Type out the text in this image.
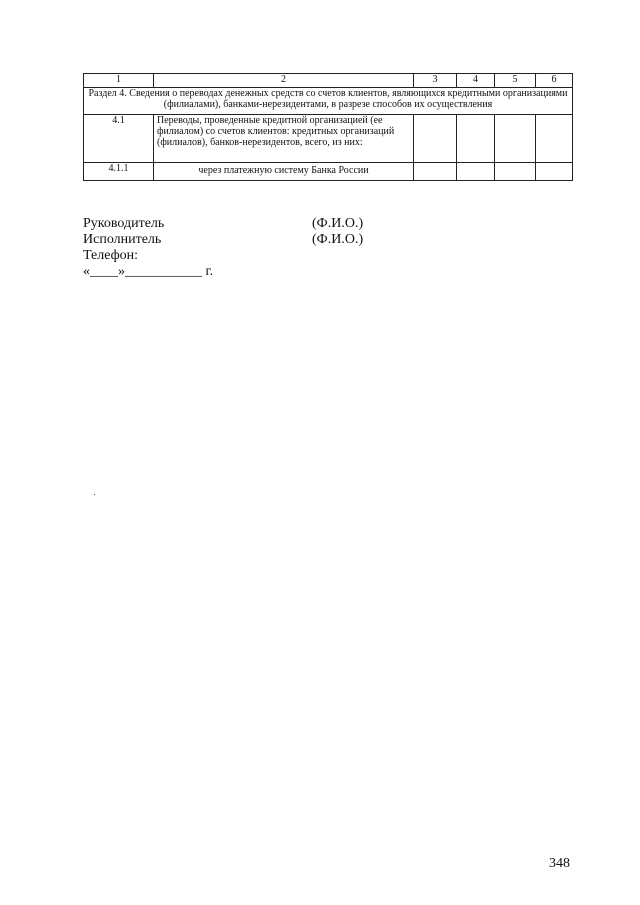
1	2	3	4	5	6
Раздел 4. Сведения о переводах денежных средств со счетов клиентов, являющихся кредитными организациями (филиалами), банками-нерезидентами, в разрезе способов их осуществления					
4.1	Переводы, проведенные кредитной организацией (ее филиалом) со счетов клиентов: кредитных организаций (филиалов), банков-нерезидентов, всего, из них:				
4.1.1	через платежную систему Банка России				
Руководитель	(Ф.И.О.)
Исполнитель	(Ф.И.О.)
Телефон:
«____»___________ г.
348
